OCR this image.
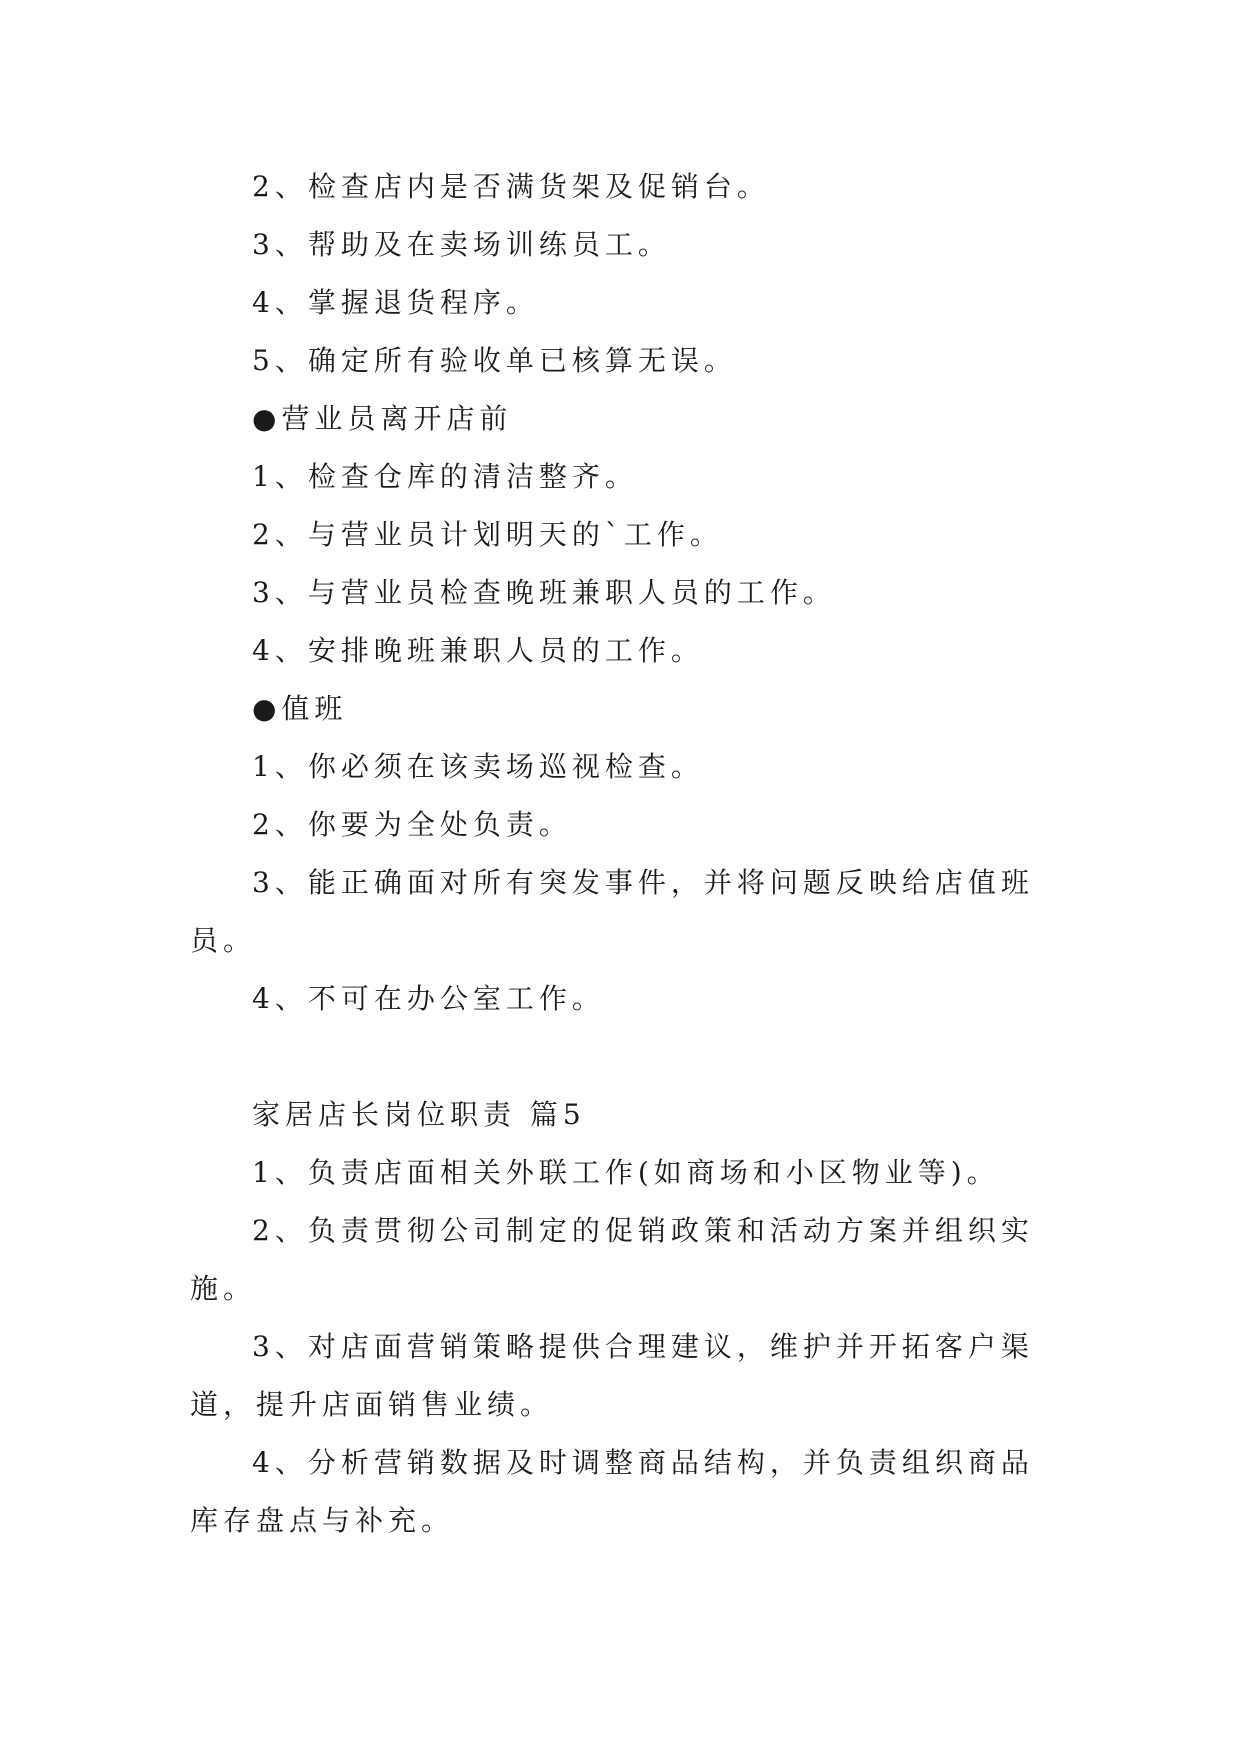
2、检查店内是否满货架及促销台。

3、帮助及在卖场训练员工。

4、掌握退货程序。

5、确定所有验收单已核算无误。

●营业员离开店前

1、检查仓库的清洁整齐。

2、与营业员计划明天的`工作。

3、与营业员检查晚班兼职人员的工作。

4、安排晚班兼职人员的工作。

●值班

1、你必须在该卖场巡视检查。

2、你要为全处负责。

3、能正确面对所有突发事件，并将问题反映给店值班员。

4、不可在办公室工作。

家居店长岗位职责 篇5

1、负责店面相关外联工作(如商场和小区物业等)。

2、负责贯彻公司制定的促销政策和活动方案并组织实施。

3、对店面营销策略提供合理建议，维护并开拓客户渠道，提升店面销售业绩。

4、分析营销数据及时调整商品结构，并负责组织商品库存盘点与补充。
